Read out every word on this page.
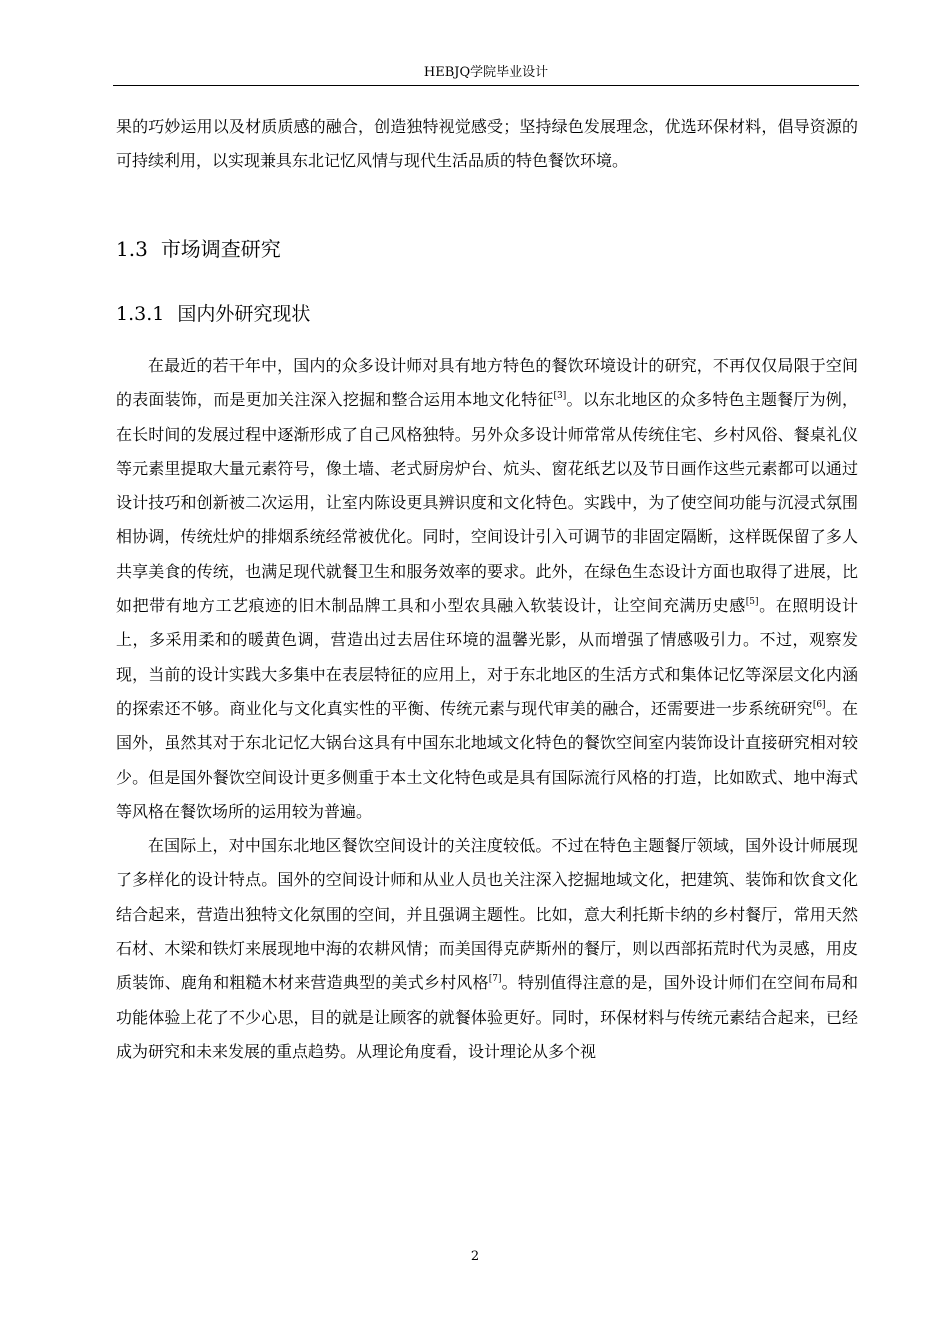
HEBJQ学院毕业设计

果的巧妙运用以及材质质感的融合，创造独特视觉感受；坚持绿色发展理念，优选环保材料，倡导资源的可持续利用，以实现兼具东北记忆风情与现代生活品质的特色餐饮环境。

1.3 市场调查研究
1.3.1 国内外研究现状

在最近的若干年中，国内的众多设计师对具有地方特色的餐饮环境设计的研究，不再仅仅局限于空间的表面装饰，而是更加关注深入挖掘和整合运用本地文化特征[3]。以东北地区的众多特色主题餐厅为例，在长时间的发展过程中逐渐形成了自己风格独特。另外众多设计师常常从传统住宅、乡村风俗、餐桌礼仪等元素里提取大量元素符号，像土墙、老式厨房炉台、炕头、窗花纸艺以及节日画作这些元素都可以通过设计技巧和创新被二次运用，让室内陈设更具辨识度和文化特色。实践中，为了使空间功能与沉浸式氛围相协调，传统灶炉的排烟系统经常被优化。同时，空间设计引入可调节的非固定隔断，这样既保留了多人共享美食的传统，也满足现代就餐卫生和服务效率的要求。此外，在绿色生态设计方面也取得了进展，比如把带有地方工艺痕迹的旧木制品牌工具和小型农具融入软装设计，让空间充满历史感[5]。在照明设计上，多采用柔和的暖黄色调，营造出过去居住环境的温馨光影，从而增强了情感吸引力。不过，观察发现，当前的设计实践大多集中在表层特征的应用上，对于东北地区的生活方式和集体记忆等深层文化内涵的探索还不够。商业化与文化真实性的平衡、传统元素与现代审美的融合，还需要进一步系统研究[6]。在国外，虽然其对于东北记忆大锅台这具有中国东北地域文化特色的餐饮空间室内装饰设计直接研究相对较少。但是国外餐饮空间设计更多侧重于本土文化特色或是具有国际流行风格的打造，比如欧式、地中海式等风格在餐饮场所的运用较为普遍。

在国际上，对中国东北地区餐饮空间设计的关注度较低。不过在特色主题餐厅领域，国外设计师展现了多样化的设计特点。国外的空间设计师和从业人员也关注深入挖掘地域文化，把建筑、装饰和饮食文化结合起来，营造出独特文化氛围的空间，并且强调主题性。比如，意大利托斯卡纳的乡村餐厅，常用天然石材、木梁和铁灯来展现地中海的农耕风情；而美国得克萨斯州的餐厅，则以西部拓荒时代为灵感，用皮质装饰、鹿角和粗糙木材来营造典型的美式乡村风格[7]。特别值得注意的是，国外设计师们在空间布局和功能体验上花了不少心思，目的就是让顾客的就餐体验更好。同时，环保材料与传统元素结合起来，已经成为研究和未来发展的重点趋势。从理论角度看，设计理论从多个视

2
